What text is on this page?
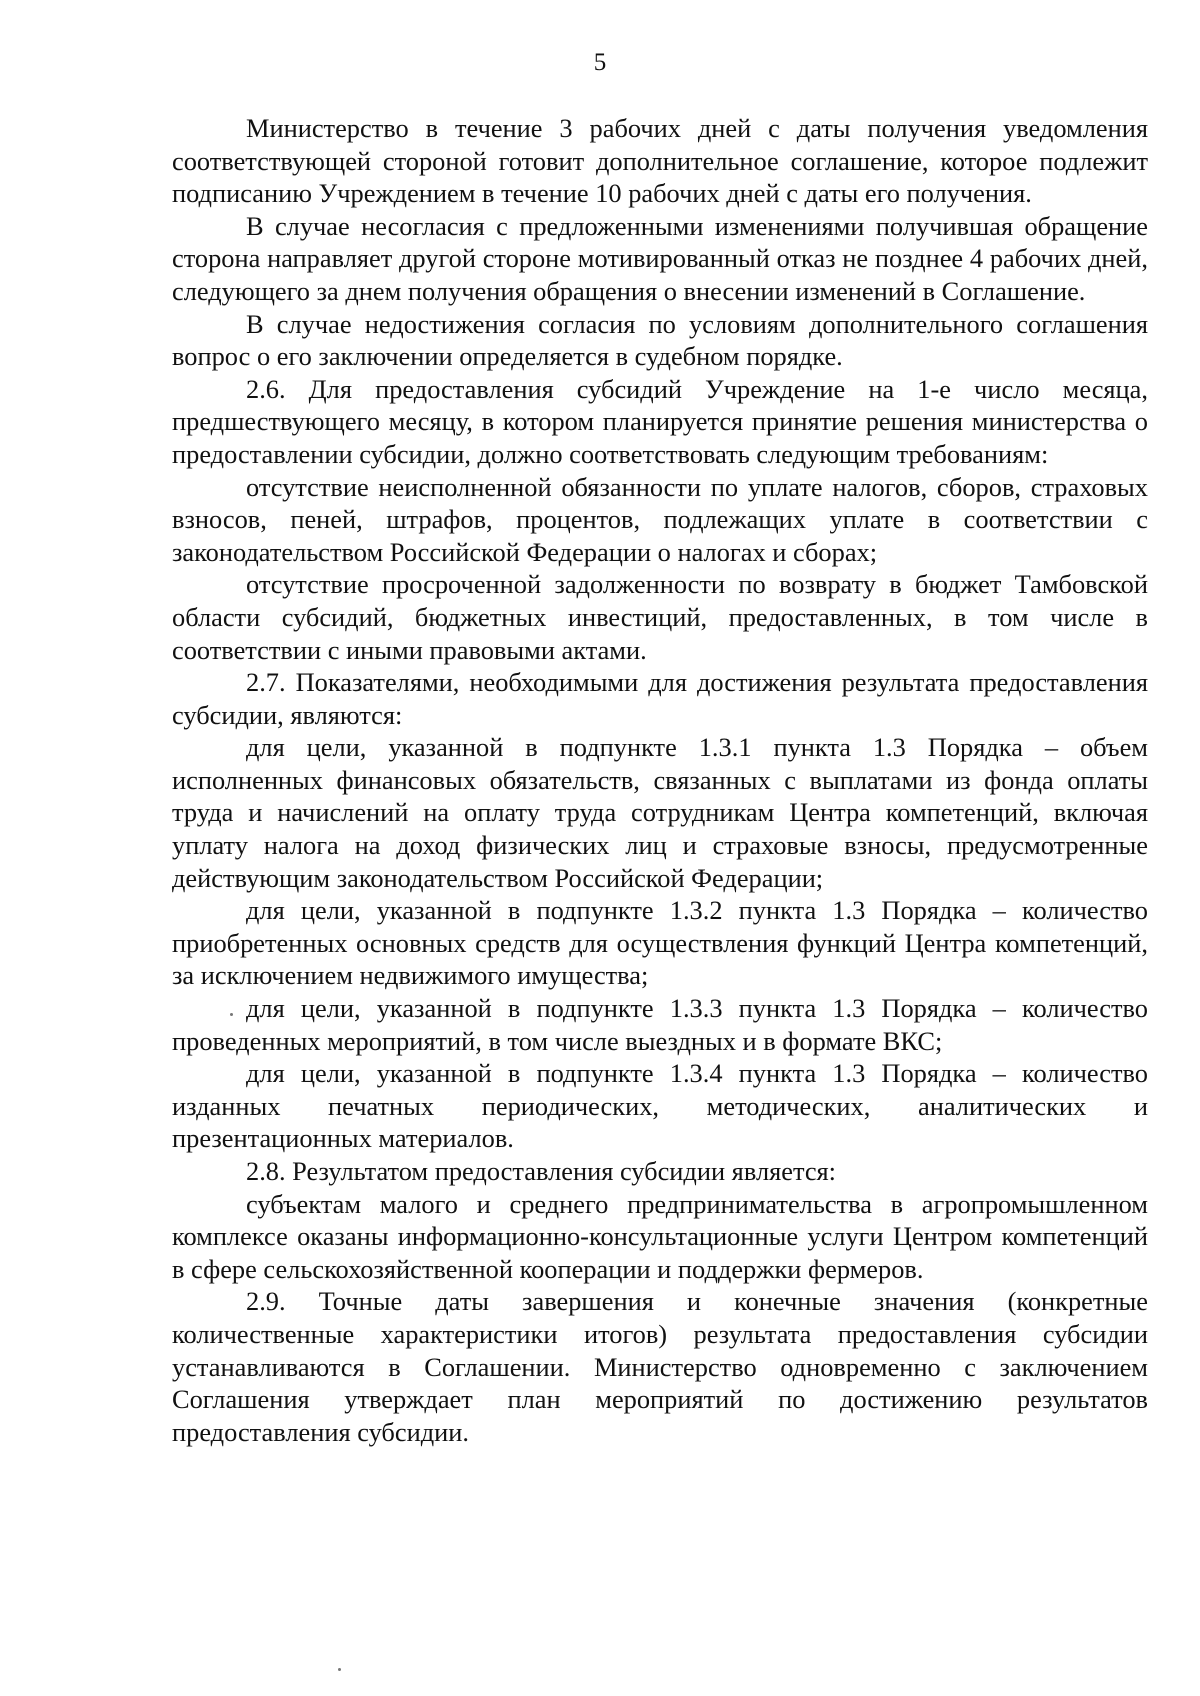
5

Министерство в течение 3 рабочих дней с даты получения уведомления соответствующей стороной готовит дополнительное соглашение, которое подлежит подписанию Учреждением в течение 10 рабочих дней с даты его получения.

В случае несогласия с предложенными изменениями получившая обращение сторона направляет другой стороне мотивированный отказ не позднее 4 рабочих дней, следующего за днем получения обращения о внесении изменений в Соглашение.

В случае недостижения согласия по условиям дополнительного соглашения вопрос о его заключении определяется в судебном порядке.

2.6. Для предоставления субсидий Учреждение на 1-е число месяца, предшествующего месяцу, в котором планируется принятие решения министерства о предоставлении субсидии, должно соответствовать следующим требованиям:

отсутствие неисполненной обязанности по уплате налогов, сборов, страховых взносов, пеней, штрафов, процентов, подлежащих уплате в соответствии с законодательством Российской Федерации о налогах и сборах;

отсутствие просроченной задолженности по возврату в бюджет Тамбовской области субсидий, бюджетных инвестиций, предоставленных, в том числе в соответствии с иными правовыми актами.

2.7. Показателями, необходимыми для достижения результата предоставления субсидии, являются:

для цели, указанной в подпункте 1.3.1 пункта 1.3 Порядка – объем исполненных финансовых обязательств, связанных с выплатами из фонда оплаты труда и начислений на оплату труда сотрудникам Центра компетенций, включая уплату налога на доход физических лиц и страховые взносы, предусмотренные действующим законодательством Российской Федерации;

для цели, указанной в подпункте 1.3.2 пункта 1.3 Порядка – количество приобретенных основных средств для осуществления функций Центра компетенций, за исключением недвижимого имущества;

для цели, указанной в подпункте 1.3.3 пункта 1.3 Порядка – количество проведенных мероприятий, в том числе выездных и в формате ВКС;

для цели, указанной в подпункте 1.3.4 пункта 1.3 Порядка – количество изданных печатных периодических, методических, аналитических и презентационных материалов.

2.8. Результатом предоставления субсидии является:

субъектам малого и среднего предпринимательства в агропромышленном комплексе оказаны информационно-консультационные услуги Центром компетенций в сфере сельскохозяйственной кооперации и поддержки фермеров.

2.9. Точные даты завершения и конечные значения (конкретные количественные характеристики итогов) результата предоставления субсидии устанавливаются в Соглашении. Министерство одновременно с заключением Соглашения утверждает план мероприятий по достижению результатов предоставления субсидии.
